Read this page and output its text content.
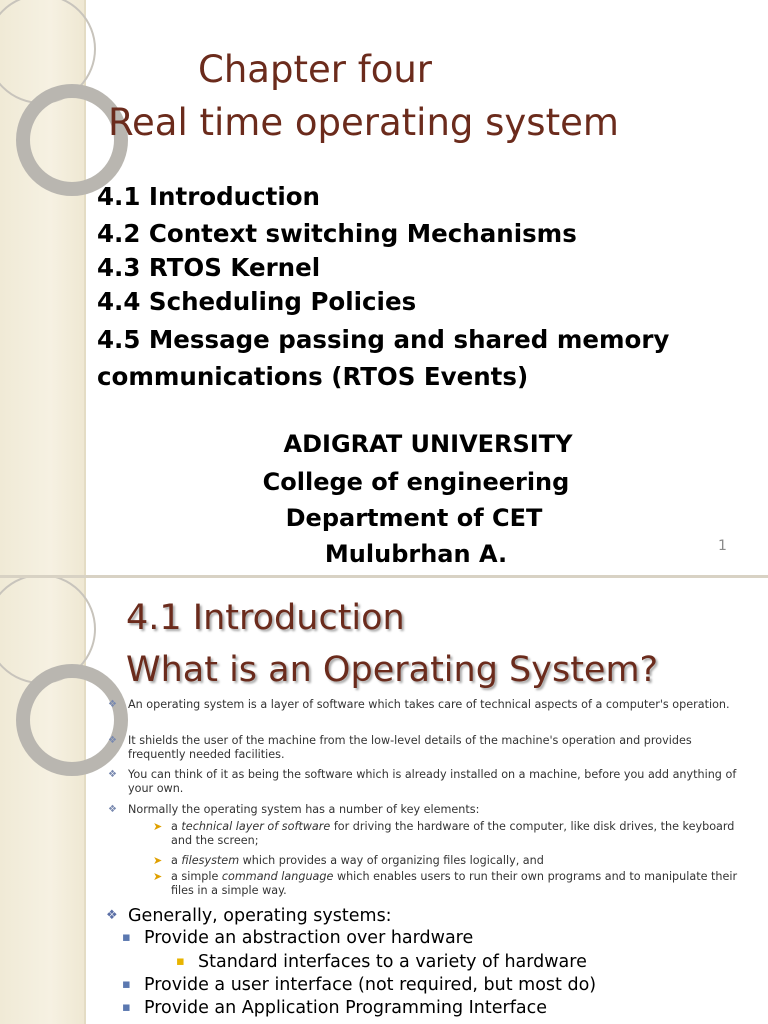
Chapter four
Real time operating system
4.1 Introduction
4.2 Context switching Mechanisms
4.3 RTOS Kernel
4.4 Scheduling Policies
4.5 Message passing and shared memory
communications (RTOS Events)
ADIGRAT UNIVERSITY
College of engineering
Department of CET
Mulubrhan A.	1
4.1 Introduction
What is an Operating System?
❖ An operating system is a layer of software which takes care of technical aspects of a computer's operation.
❖ It shields the user of the machine from the low-level details of the machine's operation and provides frequently needed facilities.
❖ You can think of it as being the software which is already installed on a machine, before you add anything of your own.
❖ Normally the operating system has a number of key elements:
➤ a technical layer of software for driving the hardware of the computer, like disk drives, the keyboard and the screen;
➤ a filesystem which provides a way of organizing files logically, and
➤ a simple command language which enables users to run their own programs and to manipulate their files in a simple way.
❖ Generally, operating systems:
▪ Provide an abstraction over hardware
▪ Standard interfaces to a variety of hardware
▪ Provide a user interface (not required, but most do)
▪ Provide an Application Programming Interface
